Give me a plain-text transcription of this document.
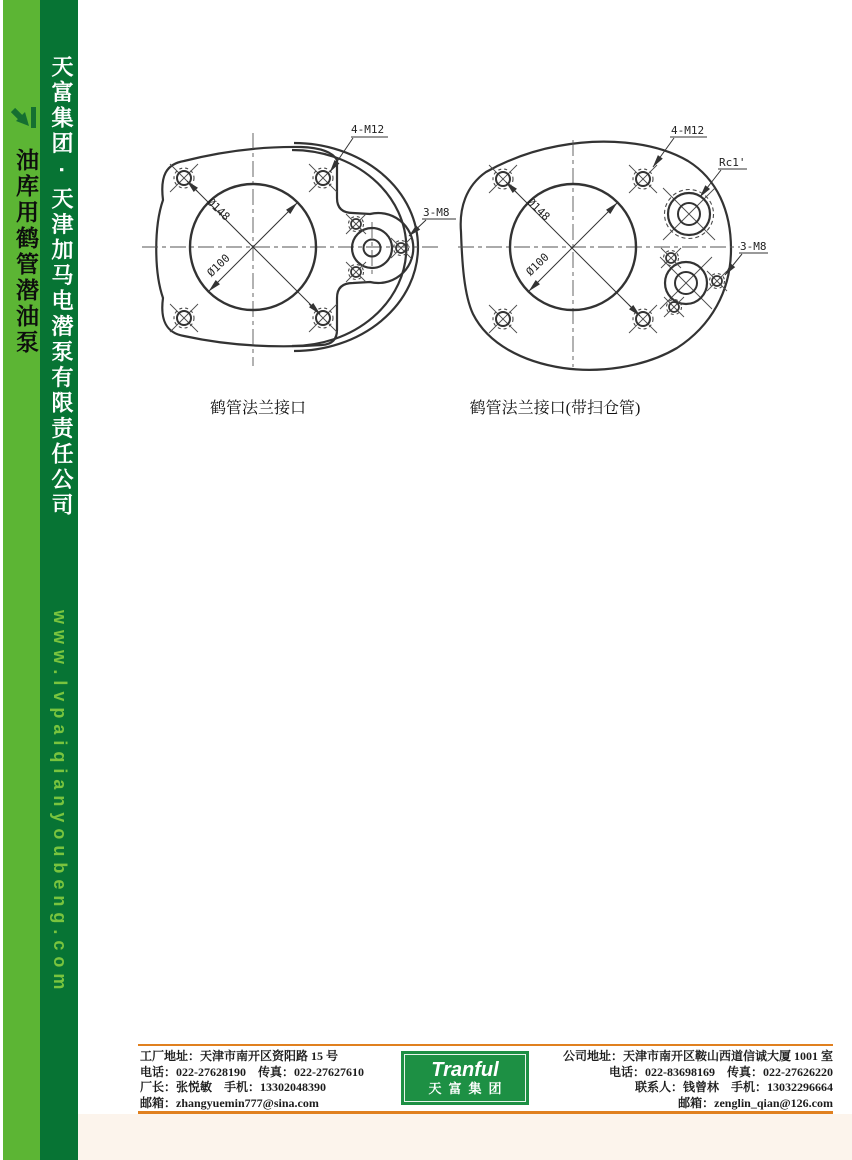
天富集团 · 天津加马电潜泵有限责任公司
油库用鹤管潜油泵
www.lvpaiqianyoubeng.com
Ø148
Ø100
4-M12
3-M8	Ø148
Ø100
4-M12
Rc1'
3-M8
鹤管法兰接口	鹤管法兰接口(带扫仓管)
工厂地址：天津市南开区资阳路 15 号
电话：022-27628190　传真：022-27627610
厂长：张悦敏　手机：13302048390
邮箱：zhangyuemin777@sina.com
Tranful
天富集团
公司地址：天津市南开区鞍山西道信诚大厦 1001 室
电话：022-83698169　传真：022-27626220
联系人：钱曾林　手机：13032296664
邮箱：zenglin_qian@126.com
